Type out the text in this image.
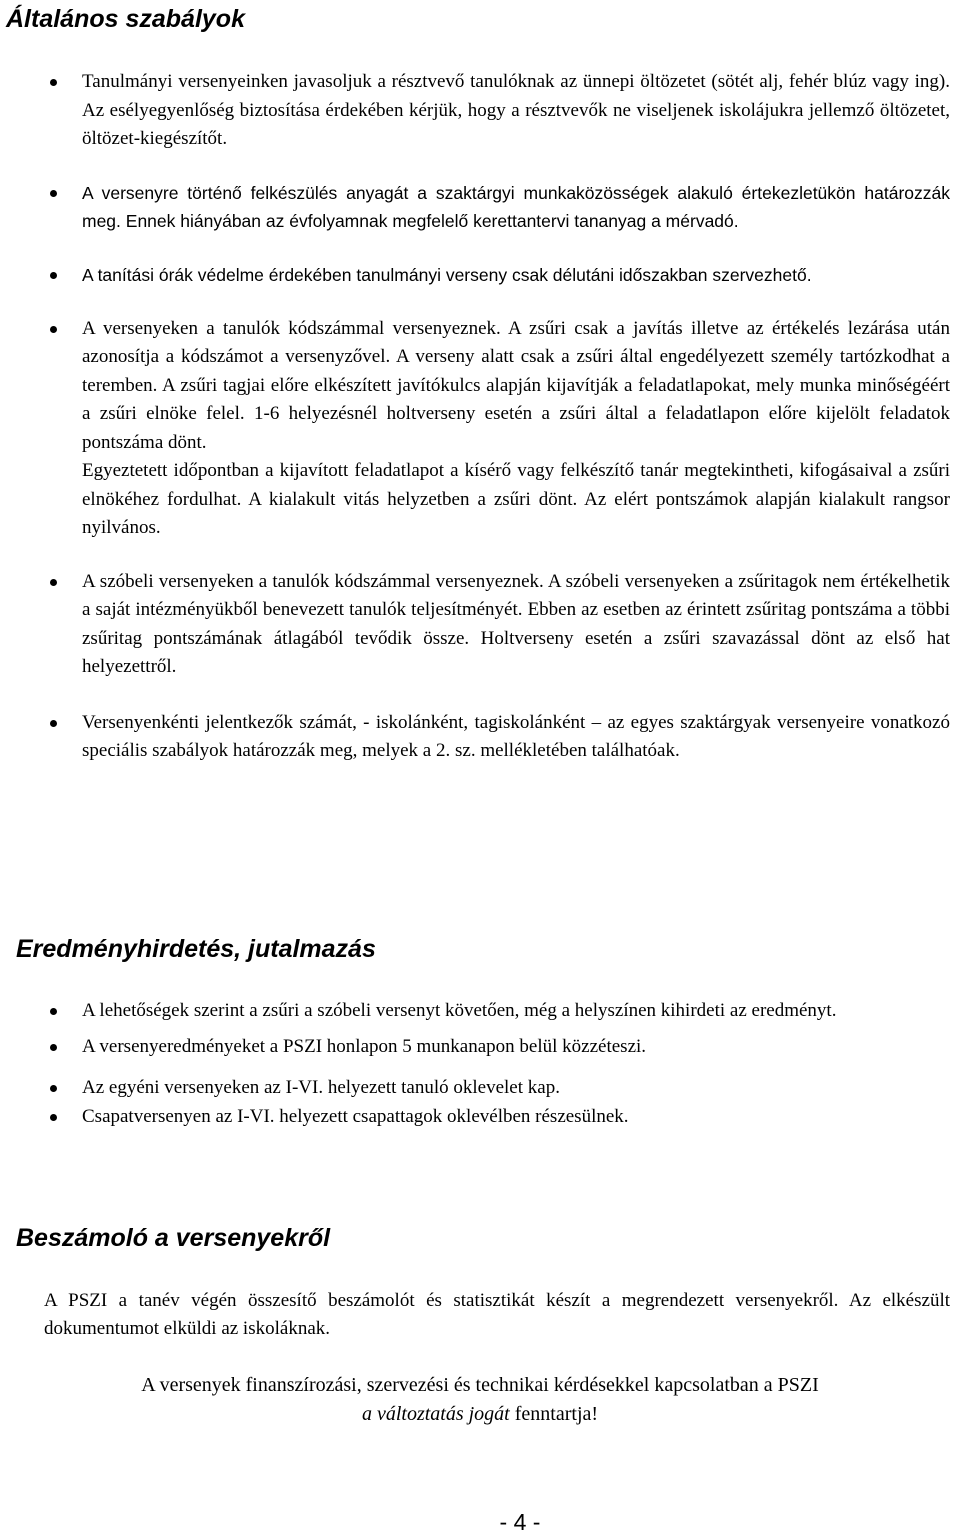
Általános szabályok
Tanulmányi versenyeinken javasoljuk a résztvevő tanulóknak az ünnepi öltözetet (sötét alj, fehér blúz vagy ing). Az esélyegyenlőség biztosítása érdekében kérjük, hogy a résztvevők ne viseljenek iskolájukra jellemző öltözetet, öltözet-kiegészítőt.
A versenyre történő felkészülés anyagát a szaktárgyi munkaközösségek alakuló értekezletükön határozzák meg. Ennek hiányában az évfolyamnak megfelelő kerettantervi tananyag a mérvadó.
A tanítási órák védelme érdekében tanulmányi verseny csak délutáni időszakban szervezhető.

A versenyeken a tanulók kódszámmal versenyeznek. A zsűri csak a javítás illetve az értékelés lezárása után azonosítja a kódszámot a versenyzővel. A verseny alatt csak a zsűri által engedélyezett személy tartózkodhat a teremben. A zsűri tagjai előre elkészített javítókulcs alapján kijavítják a feladatlapokat, mely munka minőségéért a zsűri elnöke felel. 1-6 helyezésnél holtverseny esetén a zsűri által a feladatlapon előre kijelölt feladatok pontszáma dönt.

Egyeztetett időpontban a kijavított feladatlapot a kísérő vagy felkészítő tanár megtekintheti, kifogásaival a zsűri elnökéhez fordulhat. A kialakult vitás helyzetben a zsűri dönt. Az elért pontszámok alapján kialakult rangsor nyilvános.

A szóbeli versenyeken a tanulók kódszámmal versenyeznek. A szóbeli versenyeken a zsűritagok nem értékelhetik a saját intézményükből benevezett tanulók teljesítményét. Ebben az esetben az érintett zsűritag pontszáma a többi zsűritag pontszámának átlagából tevődik össze. Holtverseny esetén a zsűri szavazással dönt az első hat helyezettről.
Versenyenkénti jelentkezők számát, - iskolánként, tagiskolánként – az egyes szaktárgyak versenyeire vonatkozó speciális szabályok határozzák meg, melyek a 2. sz. mellékletében találhatóak.
Eredményhirdetés, jutalmazás
A lehetőségek szerint a zsűri a szóbeli versenyt követően, még a helyszínen kihirdeti az eredményt.
A versenyeredményeket a PSZI honlapon 5 munkanapon belül közzéteszi.
Az egyéni versenyeken az I-VI. helyezett tanuló oklevelet kap.
Csapatversenyen az I-VI. helyezett csapattagok oklevélben részesülnek.
Beszámoló a versenyekről
A PSZI a tanév végén összesítő beszámolót és statisztikát készít a megrendezett versenyekről. Az elkészült dokumentumot elküldi az iskoláknak.
A versenyek finanszírozási, szervezési és technikai kérdésekkel kapcsolatban a PSZI
a változtatás jogát fenntartja!
- 4 -
